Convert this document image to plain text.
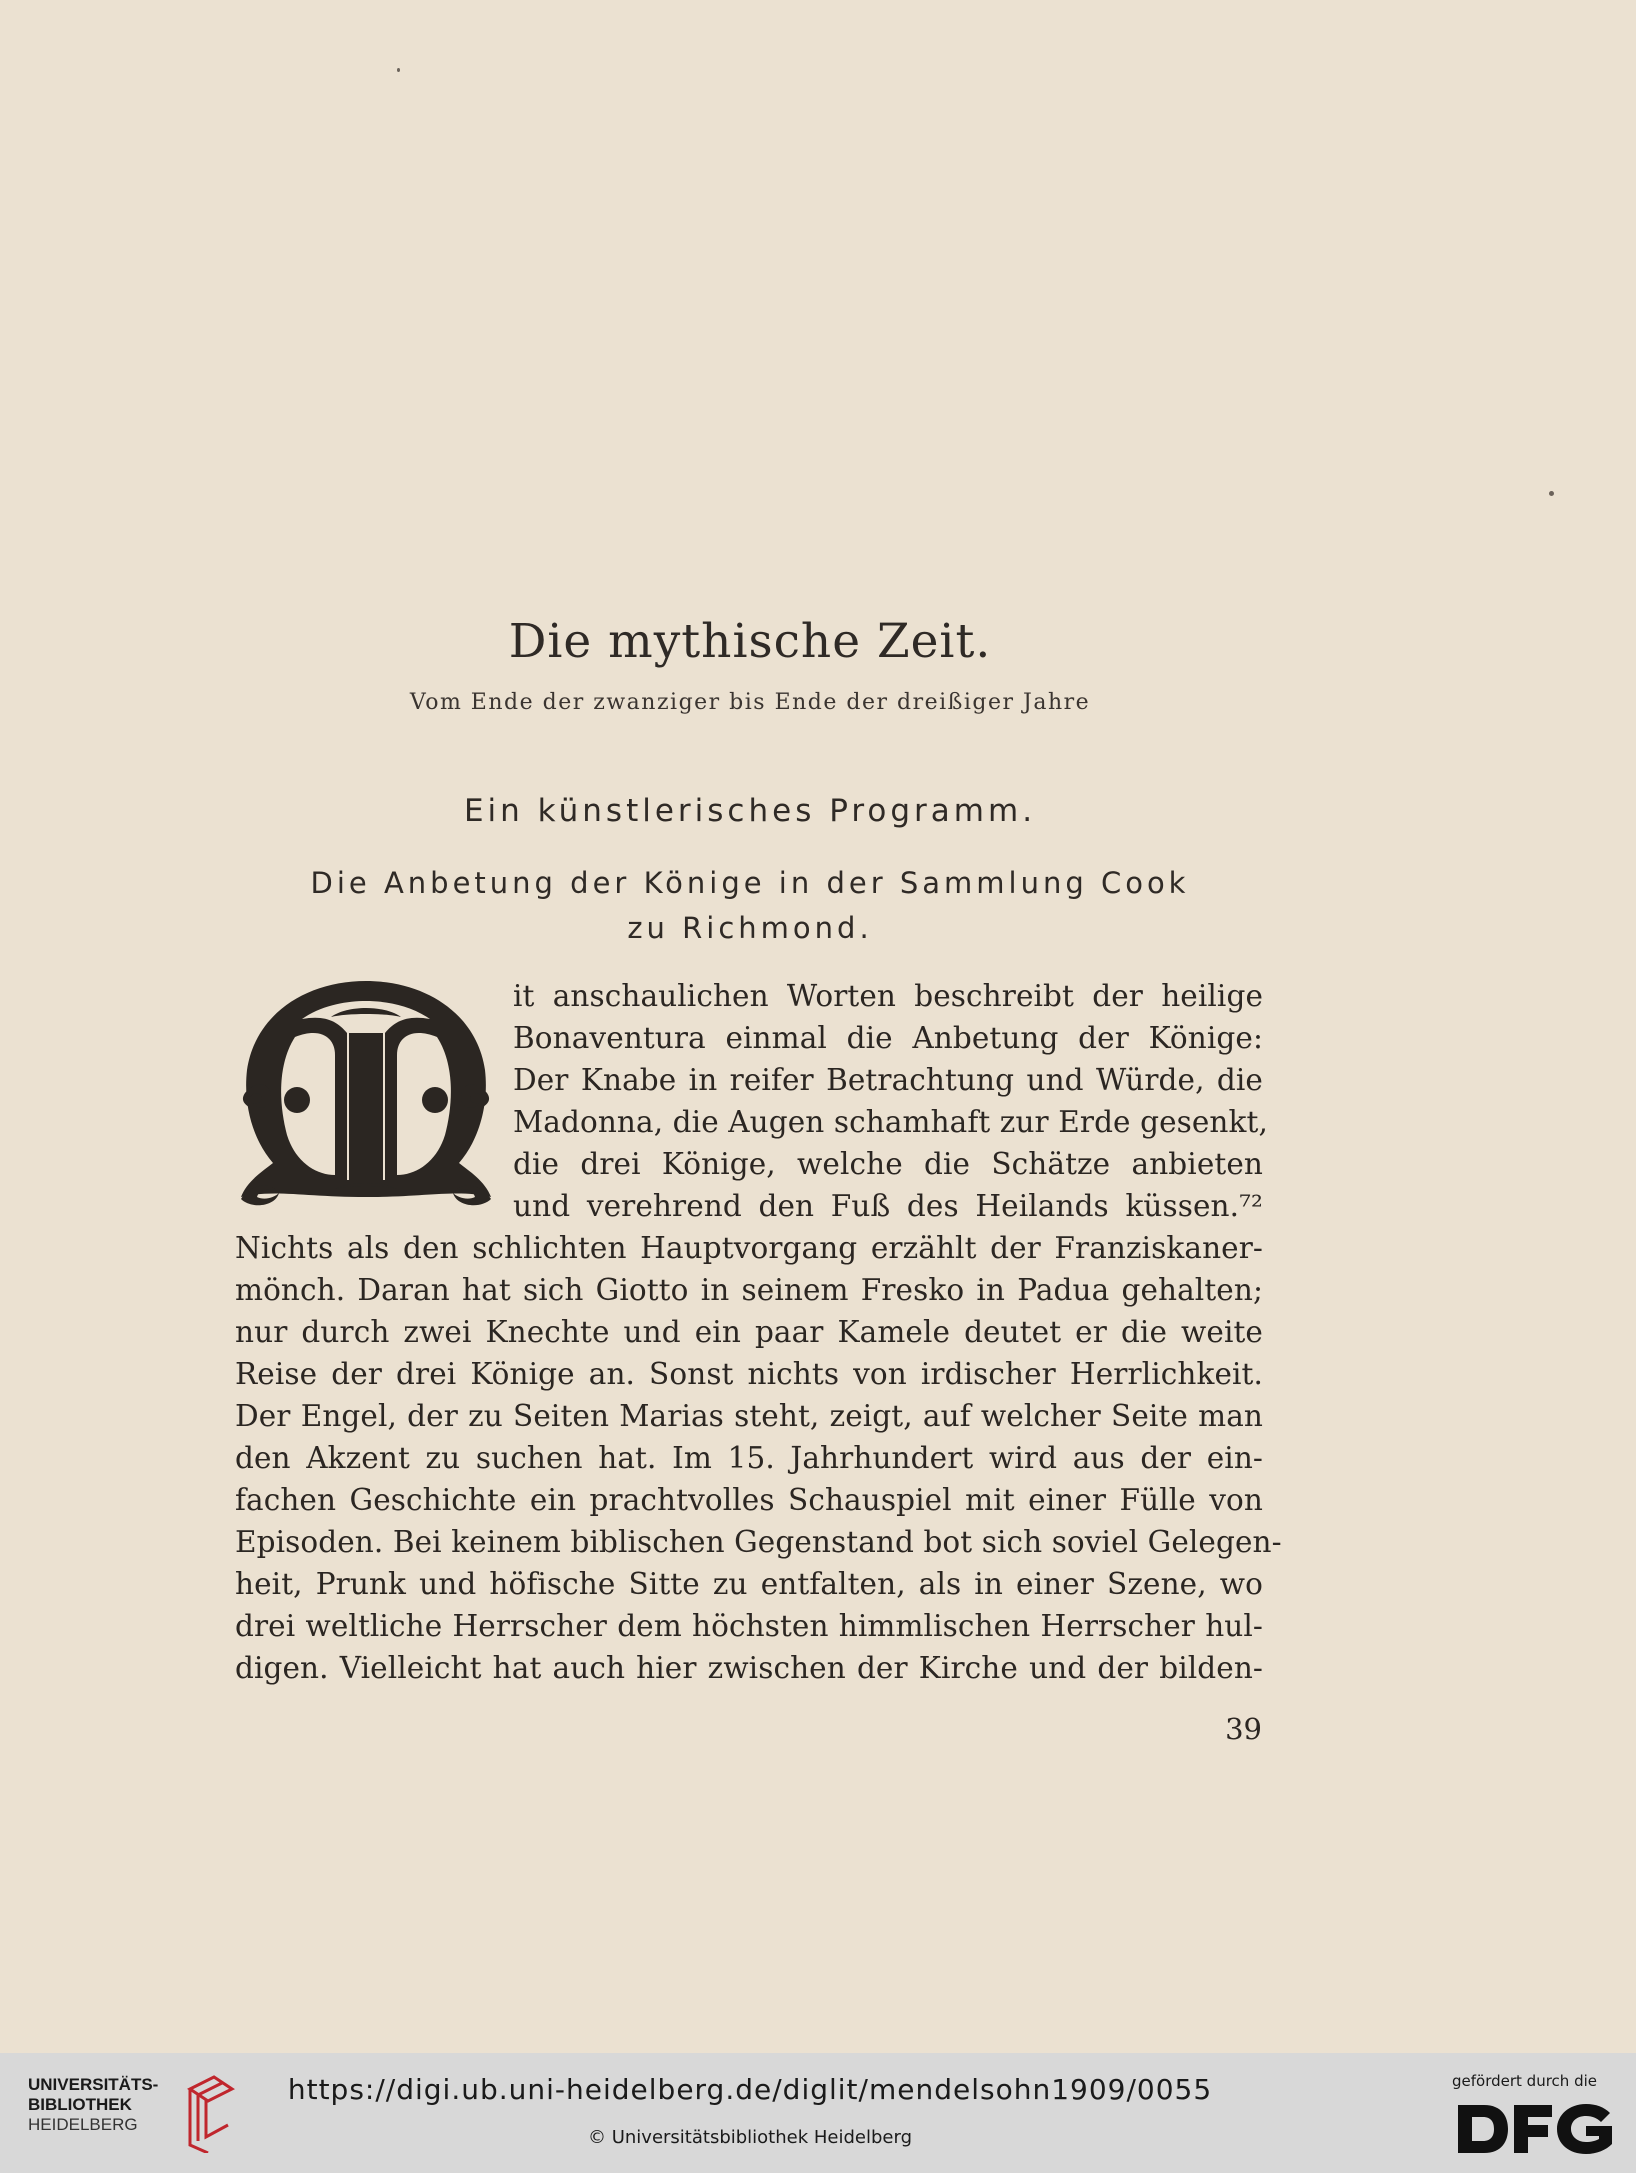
Die mythische Zeit.
Vom Ende der zwanziger bis Ende der dreißiger Jahre
Ein künstlerisches Programm.
Die Anbetung der Könige in der Sammlung Cook
zu Richmond.
it anschaulichen Worten beschreibt der heilige
Bonaventura einmal die Anbetung der Könige:
Der Knabe in reifer Betrachtung und Würde, die
Madonna, die Augen schamhaft zur Erde gesenkt,
die drei Könige, welche die Schätze anbieten
und verehrend den Fuß des Heilands küssen.⁷²
Nichts als den schlichten Hauptvorgang erzählt der Franziskaner-
mönch. Daran hat sich Giotto in seinem Fresko in Padua gehalten;
nur durch zwei Knechte und ein paar Kamele deutet er die weite
Reise der drei Könige an. Sonst nichts von irdischer Herrlichkeit.
Der Engel, der zu Seiten Marias steht, zeigt, auf welcher Seite man
den Akzent zu suchen hat. Im 15. Jahrhundert wird aus der ein-
fachen Geschichte ein prachtvolles Schauspiel mit einer Fülle von
Episoden. Bei keinem biblischen Gegenstand bot sich soviel Gelegen-
heit, Prunk und höfische Sitte zu entfalten, als in einer Szene, wo
drei weltliche Herrscher dem höchsten himmlischen Herrscher hul-
digen. Vielleicht hat auch hier zwischen der Kirche und der bilden-
39
UNIVERSITÄTS-
BIBLIOTHEK
HEIDELBERG
https://digi.ub.uni-heidelberg.de/diglit/mendelsohn1909/0055
© Universitätsbibliothek Heidelberg
gefördert durch die
